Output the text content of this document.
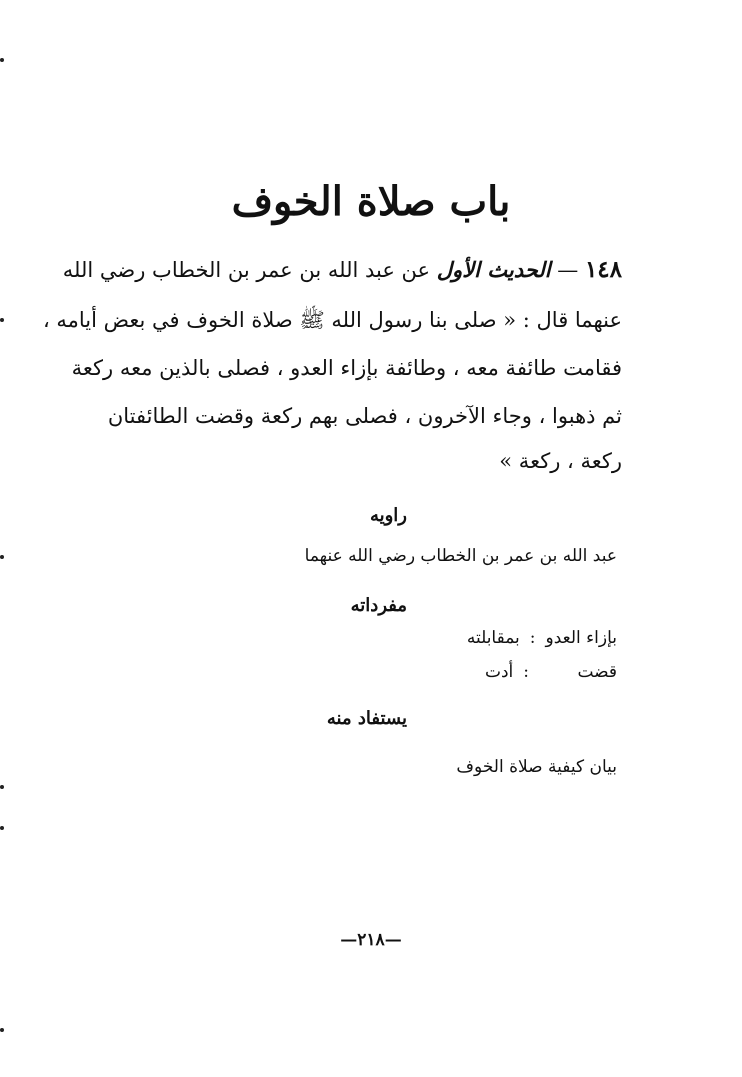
باب صلاة الخوف
١٤٨ — الحديث الأول عن عبد الله بن عمر بن الخطاب رضي الله
عنهما قال : « صلى بنا رسول الله ﷺ صلاة الخوف في بعض أيامه ،
فقامت طائفة معه ، وطائفة بإزاء العدو ، فصلى بالذين معه ركعة
ثم ذهبوا ، وجاء الآخرون ، فصلى بهم ركعة وقضت الطائفتان
ركعة ، ركعة »
راويه
عبد الله بن عمر بن الخطاب رضي الله عنهما
مفرداته
بإزاء العدو:بمقابلته
قضت:أدت
يستفاد منه
بيان كيفية صلاة الخوف
—٢١٨—
